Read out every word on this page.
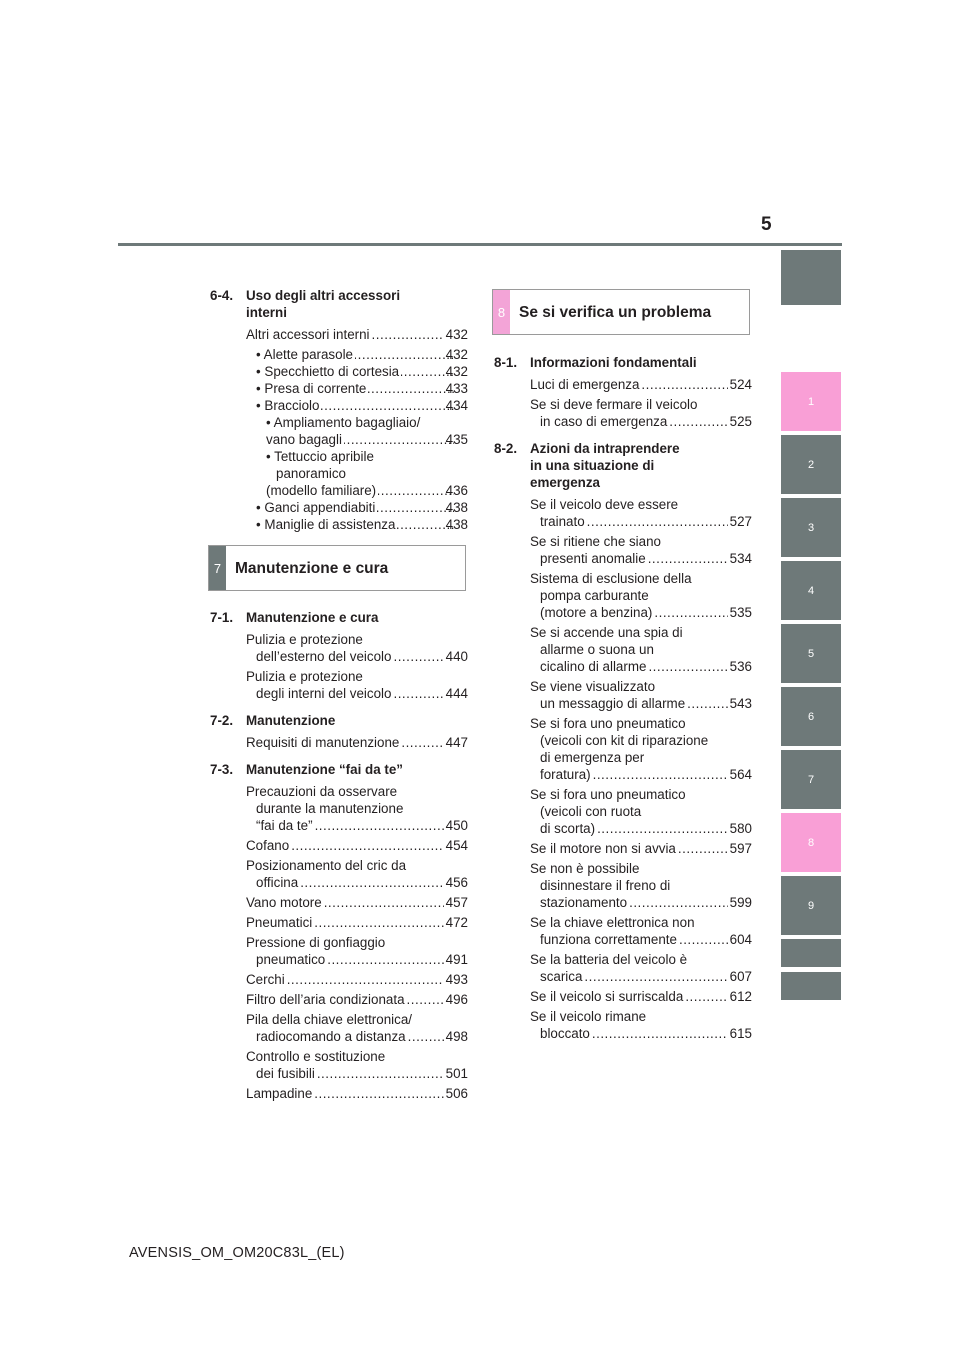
5
6-4. Uso degli altri accessori
interni
Altri accessori interni .....	432
• Alette parasole .....	432
• Specchietto di cortesia .....	432
• Presa di corrente .....	433
• Bracciolo .....	434
• Ampliamento bagagliaio/
vano bagagli .....	435
• Tettuccio apribile
panoramico
(modello familiare) .....	436
• Ganci appendiabiti .....	438
• Maniglie di assistenza .....	438
7 Manutenzione e cura
7-1. Manutenzione e cura
Pulizia e protezione
dell’esterno del veicolo .....	440
Pulizia e protezione
degli interni del veicolo .....	444
7-2. Manutenzione
Requisiti di manutenzione .....	447
7-3. Manutenzione “fai da te”
Precauzioni da osservare
durante la manutenzione
“fai da te” .....	450
Cofano .....	454
Posizionamento del cric da
officina .....	456
Vano motore .....	457
Pneumatici .....	472
Pressione di gonfiaggio
pneumatico .....	491
Cerchi .....	493
Filtro dell’aria condizionata .....	496
Pila della chiave elettronica/
radiocomando a distanza .....	498
Controllo e sostituzione
dei fusibili .....	501
Lampadine .....	506
8 Se si verifica un problema
8-1. Informazioni fondamentali
Luci di emergenza .....	524
Se si deve fermare il veicolo
in caso di emergenza .....	525
8-2. Azioni da intraprendere
in una situazione di
emergenza
Se il veicolo deve essere
trainato .....	527
Se si ritiene che siano
presenti anomalie .....	534
Sistema di esclusione della
pompa carburante
(motore a benzina) .....	535
Se si accende una spia di
allarme o suona un
cicalino di allarme .....	536
Se viene visualizzato
un messaggio di allarme .....	543
Se si fora uno pneumatico
(veicoli con kit di riparazione
di emergenza per
foratura) .....	564
Se si fora uno pneumatico
(veicoli con ruota
di scorta) .....	580
Se il motore non si avvia .....	597
Se non è possibile
disinnestare il freno di
stazionamento .....	599
Se la chiave elettronica non
funziona correttamente .....	604
Se la batteria del veicolo è
scarica .....	607
Se il veicolo si surriscalda .....	612
Se il veicolo rimane
bloccato .....	615
1
2
3
4
5
6
7
8
9
AVENSIS_OM_OM20C83L_(EL)
